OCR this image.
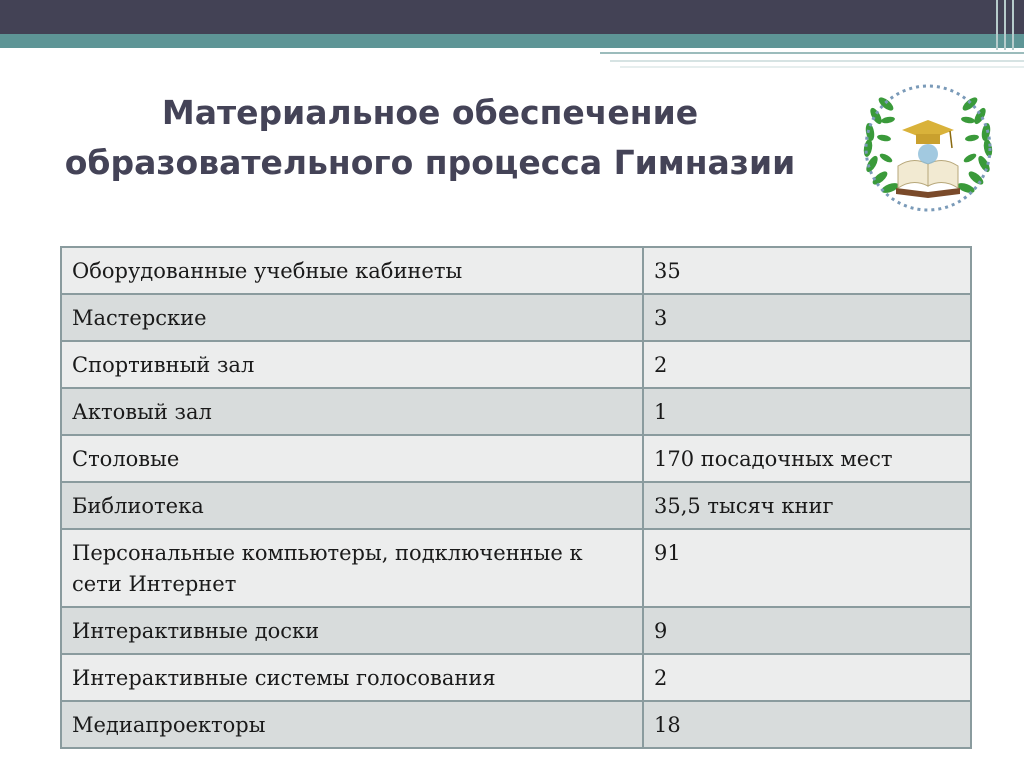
Материальное обеспечение
образовательного процесса Гимназии
Оборудованные учебные кабинеты	35
Мастерские	3
Спортивный зал	2
Актовый зал	1
Столовые	170 посадочных мест
Библиотека	35,5 тысяч книг
Персональные компьютеры, подключенные к сети Интернет	91
Интерактивные доски	9
Интерактивные системы голосования	2
Медиапроекторы	18
